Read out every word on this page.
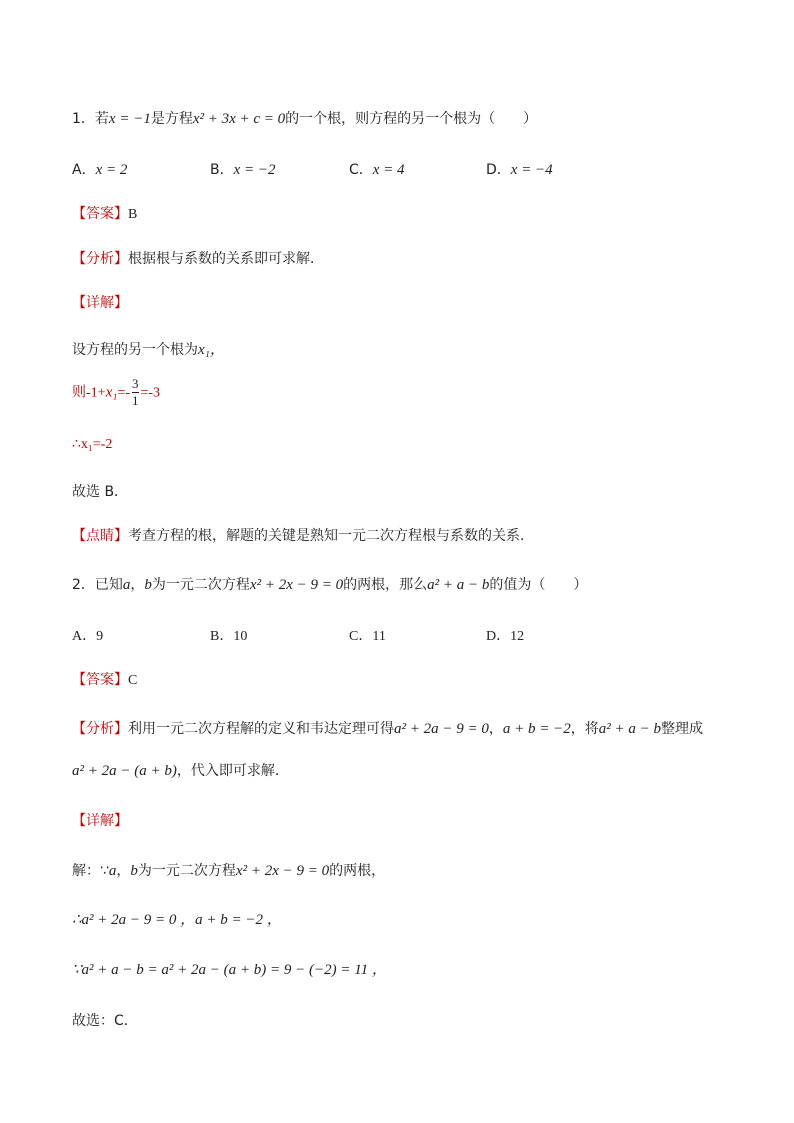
1．若x = −1是方程x² + 3x + c = 0的一个根，则方程的另一个根为（　　）
A．x = 2	B．x = −2	C．x = 4	D．x = −4
【答案】B
【分析】根据根与系数的关系即可求解．
【详解】
设方程的另一个根为x₁，
则$-1+x_1=- \frac{3}{1} =-3$
∴x₁=-2
故选 B．
【点睛】考查方程的根，解题的关键是熟知一元二次方程根与系数的关系．
2．已知a，b为一元二次方程x² + 2x − 9 = 0的两根，那么a² + a − b的值为（　　）
A．9	B．10	C．11	D．12
【答案】C
【分析】利用一元二次方程解的定义和韦达定理可得a² + 2a − 9 = 0，a + b = −2，将a² + a − b整理成
a² + 2a − (a + b)，代入即可求解．
【详解】
解：∵a，b为一元二次方程x² + 2x − 9 = 0的两根，
∴a² + 2a − 9 = 0 ，a + b = −2 ，
∵a² + a − b = a² + 2a − (a + b) = 9 − (−2) = 11 ，
故选：C．
